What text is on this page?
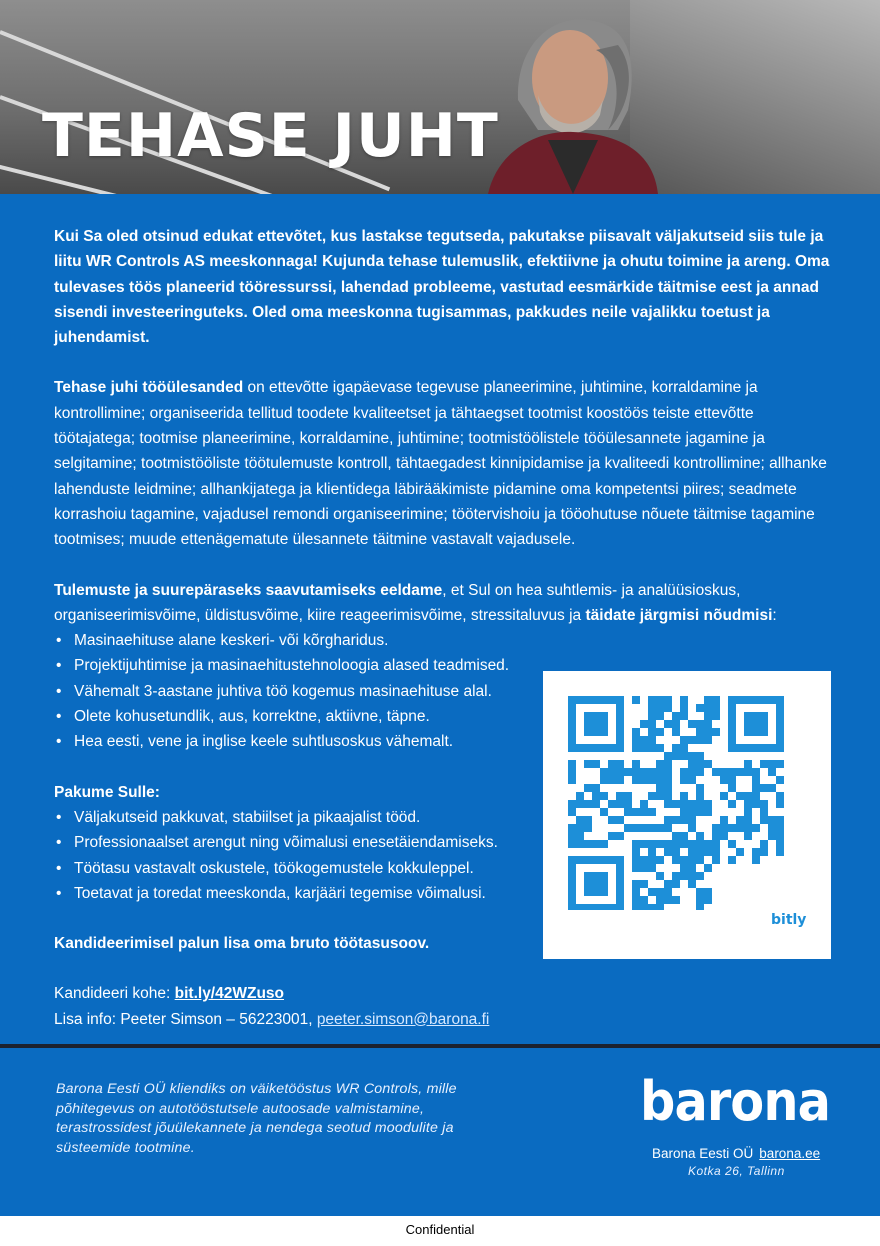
TEHASE JUHT

Kui Sa oled otsinud edukat ettevõtet, kus lastakse tegutseda, pakutakse piisavalt väljakutseid siis tule ja liitu WR Controls AS meeskonnaga! Kujunda tehase tulemuslik, efektiivne ja ohutu toimine ja areng. Oma tulevases töös planeerid tööressurssi, lahendad probleeme, vastutad eesmärkide täitmise eest ja annad sisendi investeeringuteks. Oled oma meeskonna tugisammas, pakkudes neile vajalikku toetust ja juhendamist.

Tehase juhi tööülesanded on ettevõtte igapäevase tegevuse planeerimine, juhtimine, korraldamine ja kontrollimine; organiseerida tellitud toodete kvaliteetset ja tähtaegset tootmist koostöös teiste ettevõtte töötajatega; tootmise planeerimine, korraldamine, juhtimine; tootmistöölistele tööülesannete jagamine ja selgitamine; tootmistööliste töötulemuste kontroll, tähtaegadest kinnipidamise ja kvaliteedi kontrollimine; allhanke lahenduste leidmine; allhankijatega ja klientidega läbirääkimiste pidamine oma kompetentsi piires; seadmete korrashoiu tagamine, vajadusel remondi organiseerimine; töötervishoiu ja tööohutuse nõuete täitmise tagamine tootmises; muude ettenägematute ülesannete täitmine vastavalt vajadusele.

Tulemuste ja suurepäraseks saavutamiseks eeldame, et Sul on hea suhtlemis- ja analüüsioskus, organiseerimisvõime, üldistusvõime, kiire reageerimisvõime, stressitaluvus ja täidate järgmisi nõudmisi:

• Masinaehituse alane keskeri- või kõrgharidus.
• Projektijuhtimise ja masinaehitustehnoloogia alased teadmised.
• Vähemalt 3-aastane juhtiva töö kogemus masinaehituse alal.
• Olete kohusetundlik, aus, korrektne, aktiivne, täpne.
• Hea eesti, vene ja inglise keele suhtlusoskus vähemalt.

Pakume Sulle:

• Väljakutseid pakkuvat, stabiilset ja pikaajalist tööd.
• Professionaalset arengut ning võimalusi enesetäiendamiseks.
• Töötasu vastavalt oskustele, töökogemustele kokkuleppel.
• Toetavat ja toredat meeskonda, karjääri tegemise võimalusi.

Kandideerimisel palun lisa oma bruto töötasusoov.

Kandideeri kohe: bit.ly/42WZuso

Lisa info: Peeter Simson – 56223001, peeter.simson@barona.fi

bitly
Barona Eesti OÜ kliendiks on väiketööstus WR Controls, mille põhitegevus on autotööstutsele autoosade valmistamine, terastrossidest jõuülekannete ja nendega seotud moodulite ja süsteemide tootmine.
barona
Barona Eesti OÜ barona.ee
Kotka 26, Tallinn
Confidential
